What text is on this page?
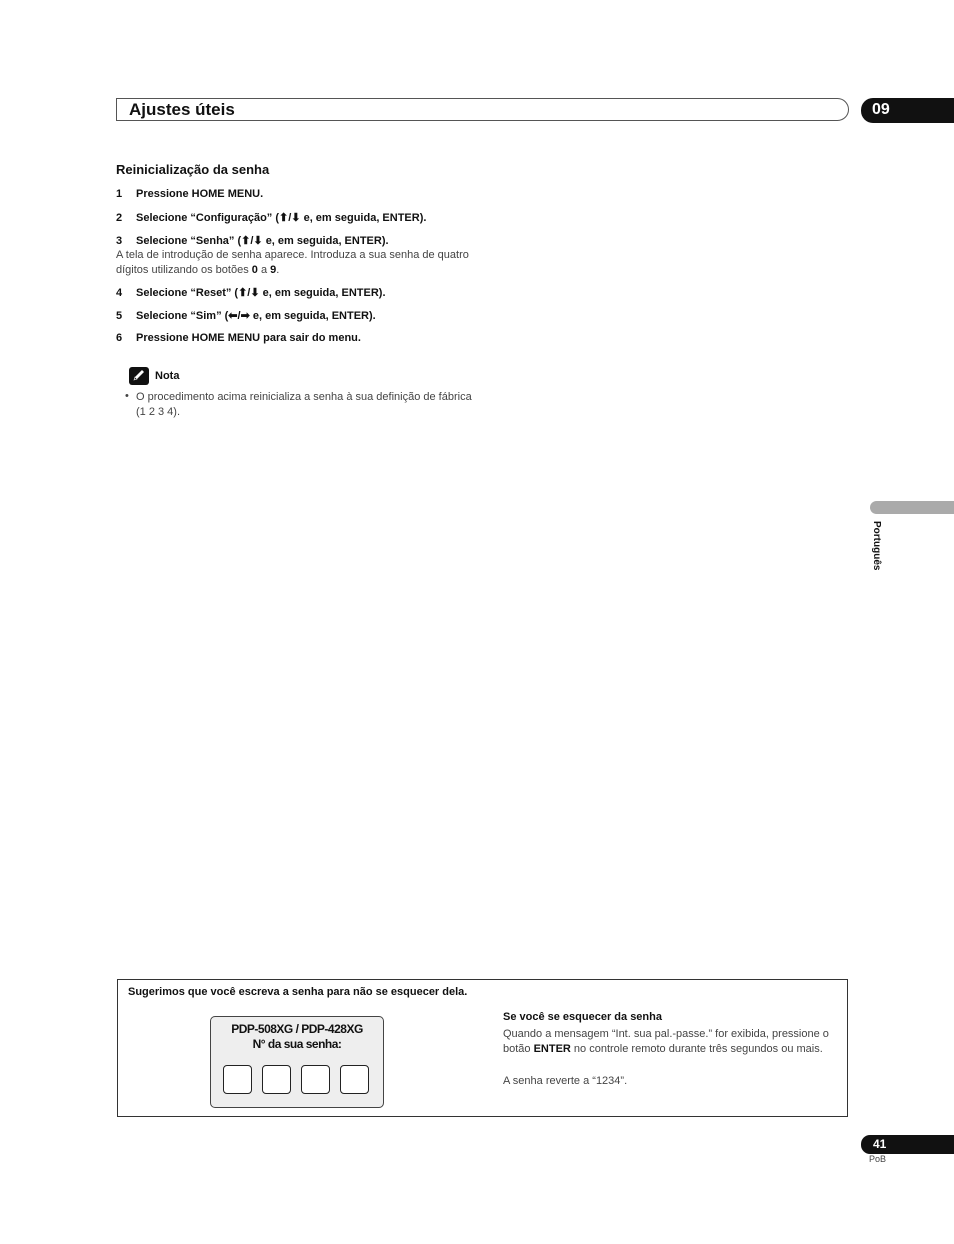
Ajustes úteis	09
Reinicialização da senha
1 Pressione HOME MENU.
2 Selecione “Configuração” (⬆/⬇ e, em seguida, ENTER).
3 Selecione “Senha” (⬆/⬇ e, em seguida, ENTER).
A tela de introdução de senha aparece. Introduza a sua senha de quatro dígitos utilizando os botões 0 a 9.
4 Selecione “Reset” (⬆/⬇ e, em seguida, ENTER).
5 Selecione “Sim” (⬅/➡ e, em seguida, ENTER).
6 Pressione HOME MENU para sair do menu.
Nota
• O procedimento acima reinicializa a senha à sua definição de fábrica (1 2 3 4).
Português
Sugerimos que você escreva a senha para não se esquecer dela.
PDP-508XG / PDP-428XG
N° da sua senha:
Se você se esquecer da senha
Quando a mensagem “Int. sua pal.-passe.” for exibida, pressione o botão ENTER no controle remoto durante três segundos ou mais.
A senha reverte a “1234”.
41
PoB
